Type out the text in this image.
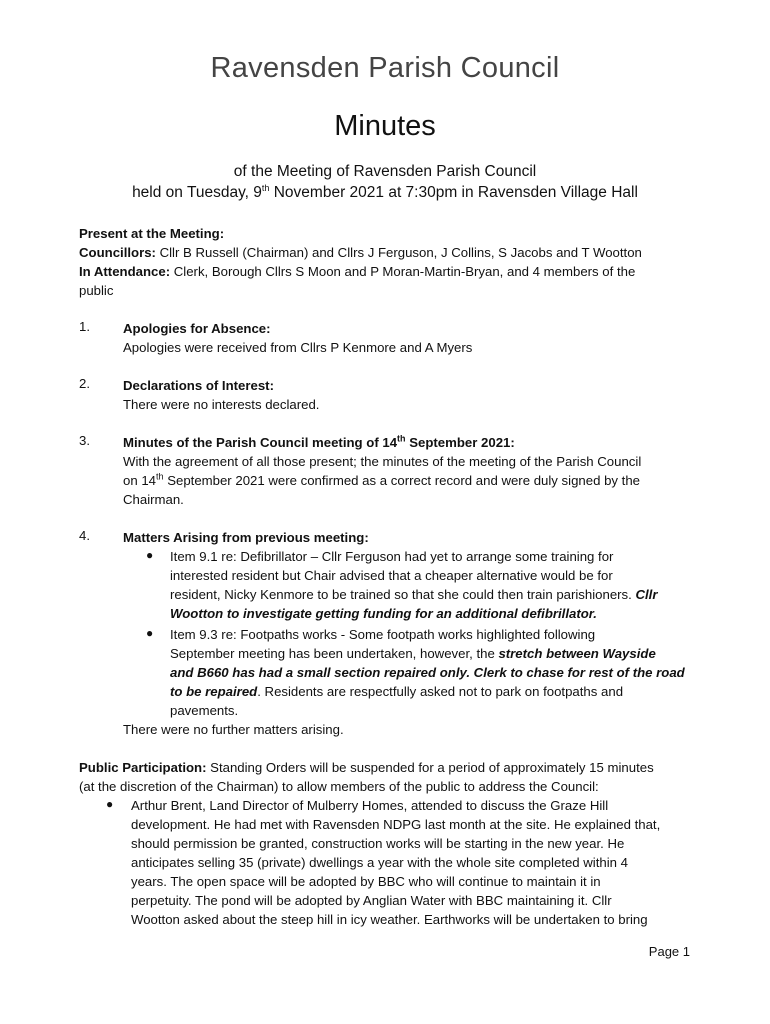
Ravensden Parish Council
Minutes
of the Meeting of Ravensden Parish Council
held on Tuesday, 9th November 2021 at 7:30pm in Ravensden Village Hall
Present at the Meeting:
Councillors: Cllr B Russell (Chairman) and Cllrs J Ferguson, J Collins, S Jacobs and T Wootton
In Attendance: Clerk, Borough Cllrs S Moon and P Moran-Martin-Bryan, and 4 members of the
public
1.	Apologies for Absence:
Apologies were received from Cllrs P Kenmore and A Myers
2.	Declarations of Interest:
There were no interests declared.
3.	Minutes of the Parish Council meeting of 14th September 2021:
With the agreement of all those present; the minutes of the meeting of the Parish Council
on 14th September 2021 were confirmed as a correct record and were duly signed by the
Chairman.
4.	Matters Arising from previous meeting:
● Item 9.1 re: Defibrillator – Cllr Ferguson had yet to arrange some training for
interested resident but Chair advised that a cheaper alternative would be for
resident, Nicky Kenmore to be trained so that she could then train parishioners. Cllr
Wootton to investigate getting funding for an additional defibrillator.
● Item 9.3 re: Footpaths works - Some footpath works highlighted following
September meeting has been undertaken, however, the stretch between Wayside
and B660 has had a small section repaired only. Clerk to chase for rest of the road
to be repaired. Residents are respectfully asked not to park on footpaths and
pavements.
There were no further matters arising.
Public Participation: Standing Orders will be suspended for a period of approximately 15 minutes
(at the discretion of the Chairman) to allow members of the public to address the Council:
● Arthur Brent, Land Director of Mulberry Homes, attended to discuss the Graze Hill
development. He had met with Ravensden NDPG last month at the site. He explained that,
should permission be granted, construction works will be starting in the new year. He
anticipates selling 35 (private) dwellings a year with the whole site completed within 4
years. The open space will be adopted by BBC who will continue to maintain it in
perpetuity. The pond will be adopted by Anglian Water with BBC maintaining it. Cllr
Wootton asked about the steep hill in icy weather. Earthworks will be undertaken to bring
Page 1
